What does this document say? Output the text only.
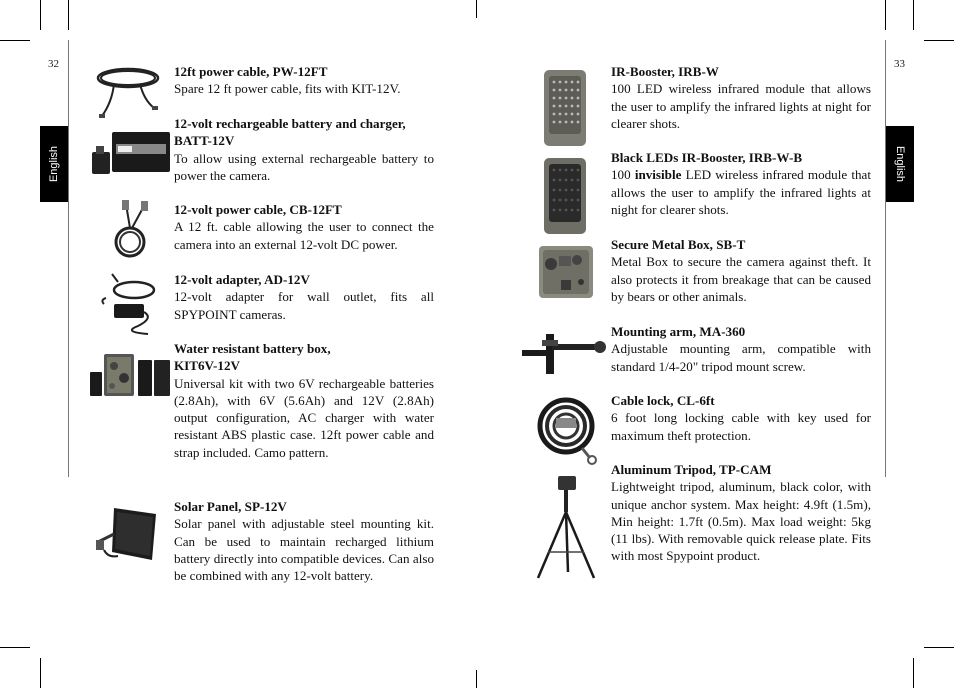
32	33
English	English
12ft power cable, PW-12FT
Spare 12 ft power cable, fits with KIT-12V.
12-volt rechargeable battery and charger, BATT-12V
To allow using external rechargeable battery to power the camera.
12-volt power cable, CB-12FT
A 12 ft. cable allowing the user to connect the camera into an external 12-volt DC power.
12-volt adapter, AD-12V
12-volt adapter for wall outlet, fits all SPYPOINT cameras.
Water resistant battery box,
KIT6V-12V
Universal kit with two 6V rechargeable batteries (2.8Ah), with 6V (5.6Ah) and 12V (2.8Ah) output configuration, AC charger with water resistant ABS plastic case. 12ft power cable and strap included. Camo pattern.
Solar Panel, SP-12V
Solar panel with adjustable steel mounting kit. Can be used to maintain recharged lithium battery directly into compatible devices. Can also be combined with any 12-volt battery.
IR-Booster, IRB-W
100 LED wireless infrared module that allows the user to amplify the infrared lights at night for clearer shots.
Black LEDs IR-Booster, IRB-W-B
100 invisible LED wireless infrared module that allows the user to amplify the infrared lights at night for clearer shots.
Secure Metal Box, SB-T
Metal Box to secure the camera against theft. It also protects it from breakage that can be caused by bears or other animals.
Mounting arm, MA-360
Adjustable mounting arm, compatible with standard 1/4-20" tripod mount screw.
Cable lock, CL-6ft
6 foot long locking cable with key used for maximum theft protection.
Aluminum Tripod, TP-CAM
Lightweight tripod, aluminum, black color, with unique anchor system. Max height: 4.9ft (1.5m), Min height: 1.7ft (0.5m). Max load weight: 5kg (11 lbs). With removable quick release plate. Fits with most Spypoint product.
